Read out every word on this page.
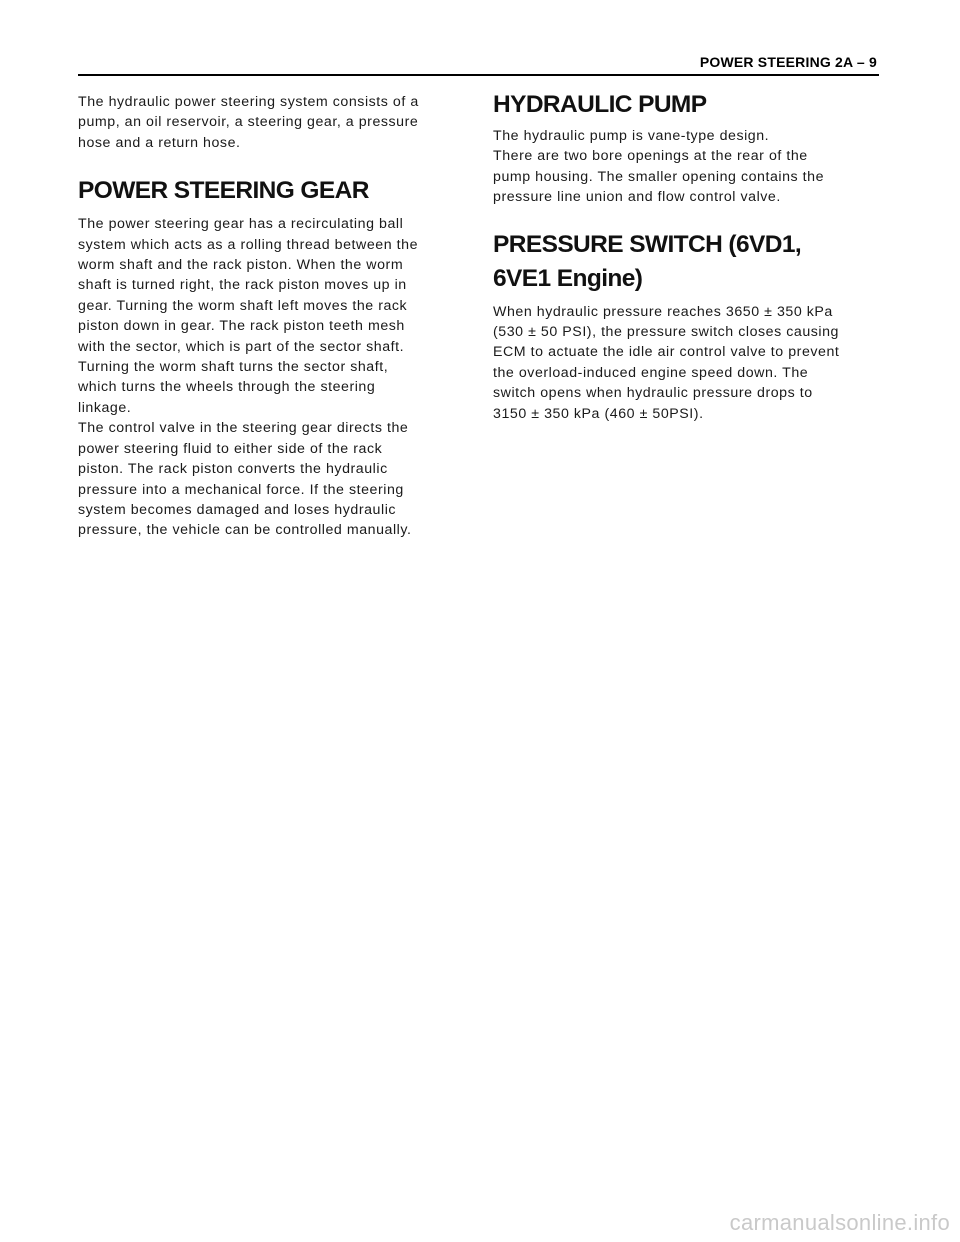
POWER STEERING 2A – 9

The hydraulic power steering system consists of a
pump, an oil reservoir, a steering gear, a pressure
hose and a return hose.

POWER STEERING GEAR

The power steering gear has a recirculating ball
system which acts as a rolling thread between the
worm shaft and the rack piston. When the worm
shaft is turned right, the rack piston moves up in
gear. Turning the worm shaft left moves the rack
piston down in gear. The rack piston teeth mesh
with the sector, which is part of the sector shaft.
Turning the worm shaft turns the sector shaft,
which turns the wheels through the steering
linkage.
The control valve in the steering gear directs the
power steering fluid to either side of the rack
piston. The rack piston converts the hydraulic
pressure into a mechanical force. If the steering
system becomes damaged and loses hydraulic
pressure, the vehicle can be controlled manually.

HYDRAULIC PUMP

The hydraulic pump is vane-type design.
There are two bore openings at the rear of the
pump housing. The smaller opening contains the
pressure line union and flow control valve.

PRESSURE SWITCH (6VD1,
6VE1 Engine)

When hydraulic pressure reaches 3650 ± 350 kPa
(530 ± 50 PSI), the pressure switch closes causing
ECM to actuate the idle air control valve to prevent
the overload-induced engine speed down. The
switch opens when hydraulic pressure drops to
3150 ± 350 kPa (460 ± 50PSI).

carmanualsonline.info
